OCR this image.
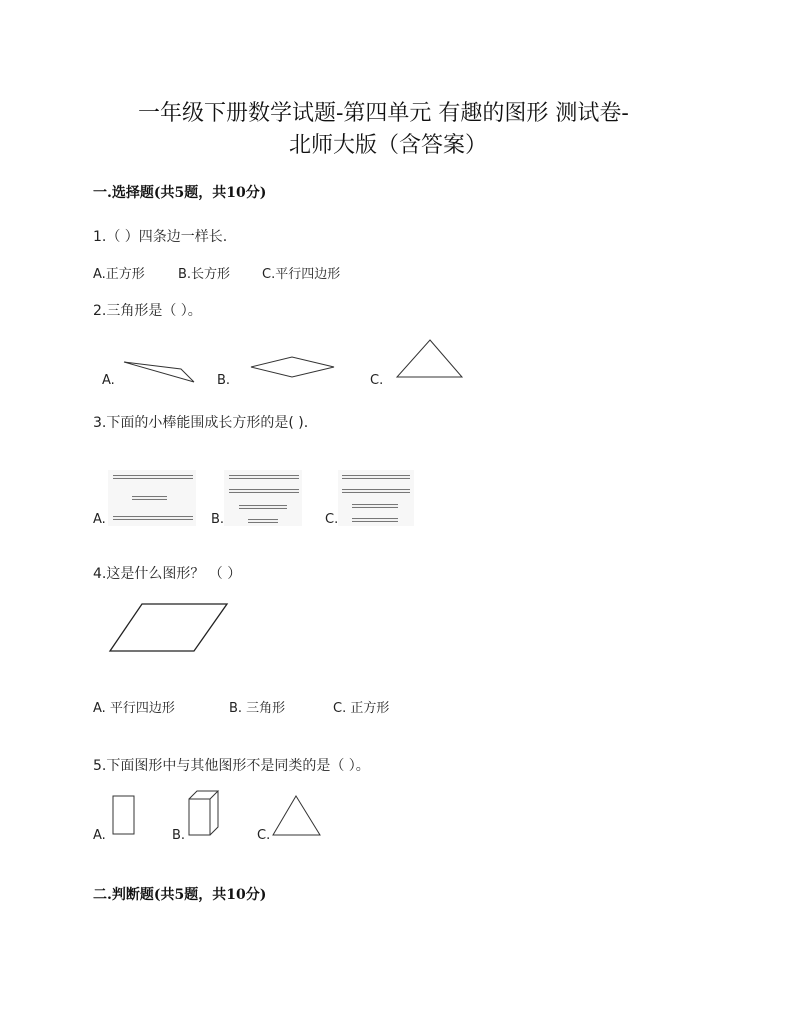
一年级下册数学试题-第四单元 有趣的图形 测试卷-
北师大版（含答案）
一.选择题(共5题，共10分)
1.（ ）四条边一样长.
A.正方形	B.长方形 C.平行四边形
2.三角形是（ ）。
A.	B.	C.
3.下面的小棒能围成长方形的是( ).
A.	B.	C.
4.这是什么图形？ （ ）
A. 平行四边形	B. 三角形	C. 正方形
5.下面图形中与其他图形不是同类的是（ ）。
A.	B.	C.
二.判断题(共5题，共10分)
